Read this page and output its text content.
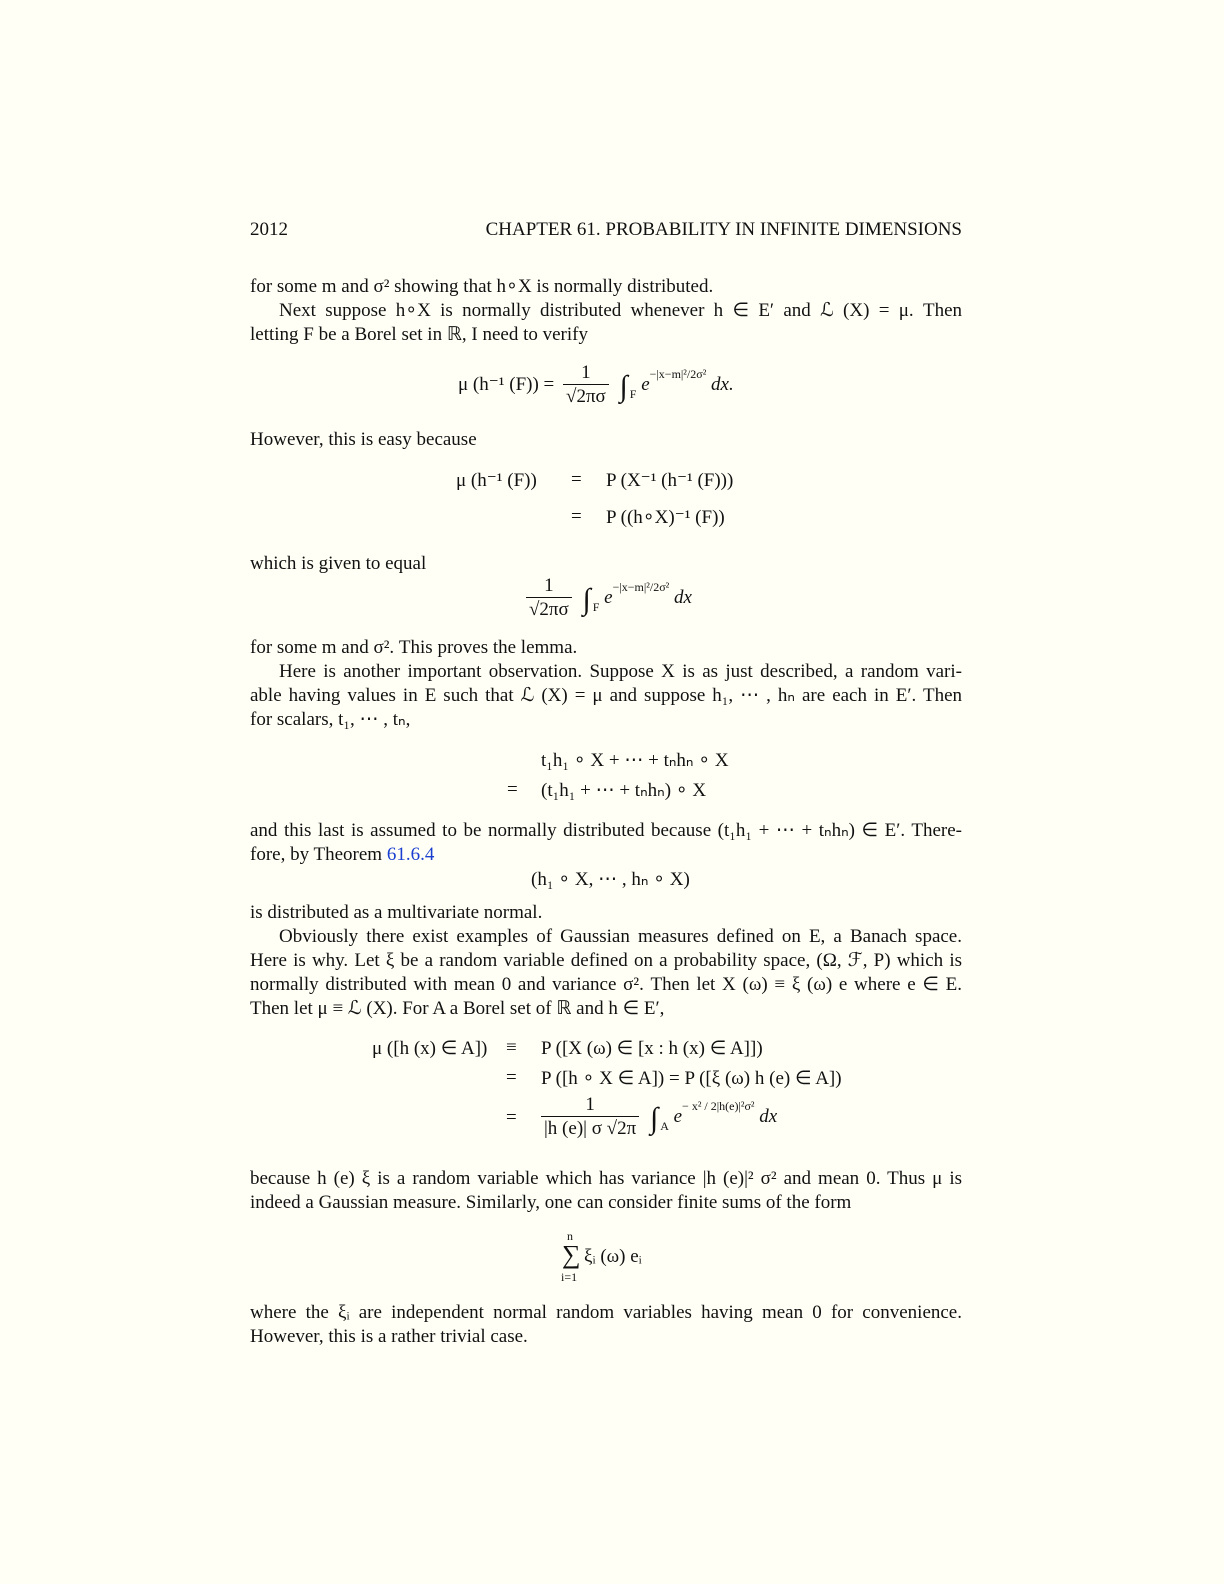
2012	CHAPTER 61. PROBABILITY IN INFINITE DIMENSIONS
for some m and σ² showing that h∘X is normally distributed.
Next suppose h∘X is normally distributed whenever h ∈ E′ and ℒ (X) = μ. Then
letting F be a Borel set in ℝ, I need to verify
μ (h⁻¹ $(F)) = \frac{1}{√2\pi\sigma}$ ∫ $_F$ $e^{-|x-m|^2/2\sigma^2}$ dx.
However, this is easy because
μ (h⁻¹ (F)) = P (X⁻¹ (h⁻¹ (F)))
= P ((h∘X)⁻¹ (F))
which is given to equal
$\frac{1}{√2\pi\sigma}$ ∫ $_F$ $e^{-|x-m|^2/2\sigma^2}$ dx
for some m and σ². This proves the lemma.
Here is another important observation. Suppose X is as just described, a random vari-
able having values in E such that ℒ (X) = μ and suppose h₁, ⋯ , hₙ are each in E′. Then
for scalars, t₁, ⋯ , tₙ,
t₁h₁ ∘ X + ⋯ + tₙhₙ ∘ X
= (t₁h₁ + ⋯ + tₙhₙ) ∘ X
and this last is assumed to be normally distributed because (t₁h₁ + ⋯ + tₙhₙ) ∈ E′. There-
fore, by Theorem 61.6.4
(h₁ ∘ X, ⋯ , hₙ ∘ X)
is distributed as a multivariate normal.
Obviously there exist examples of Gaussian measures defined on E, a Banach space.
Here is why. Let ξ be a random variable defined on a probability space, (Ω, ℱ, P) which is
normally distributed with mean 0 and variance σ². Then let X (ω) ≡ ξ (ω) e where e ∈ E.
Then let μ ≡ ℒ (X). For A a Borel set of ℝ and h ∈ E′,
μ ([h (x) ∈ A]) ≡ P ([X (ω) ∈ [x : h (x) ∈ A]])
= P ([h ∘ X ∈ A]) = P ([ξ (ω) h (e) ∈ A])
= $\frac{1}{|h (e)| \sigma √2\pi}$ ∫ $_A$ $e^{- x^2 / 2|h(e)|^2\sigma^2}$ dx
because h (e) ξ is a random variable which has variance |h (e)|² σ² and mean 0. Thus μ is
indeed a Gaussian measure. Similarly, one can consider finite sums of the form
n
∑
i=1
ξᵢ (ω) eᵢ
where the ξᵢ are independent normal random variables having mean 0 for convenience.
However, this is a rather trivial case.
